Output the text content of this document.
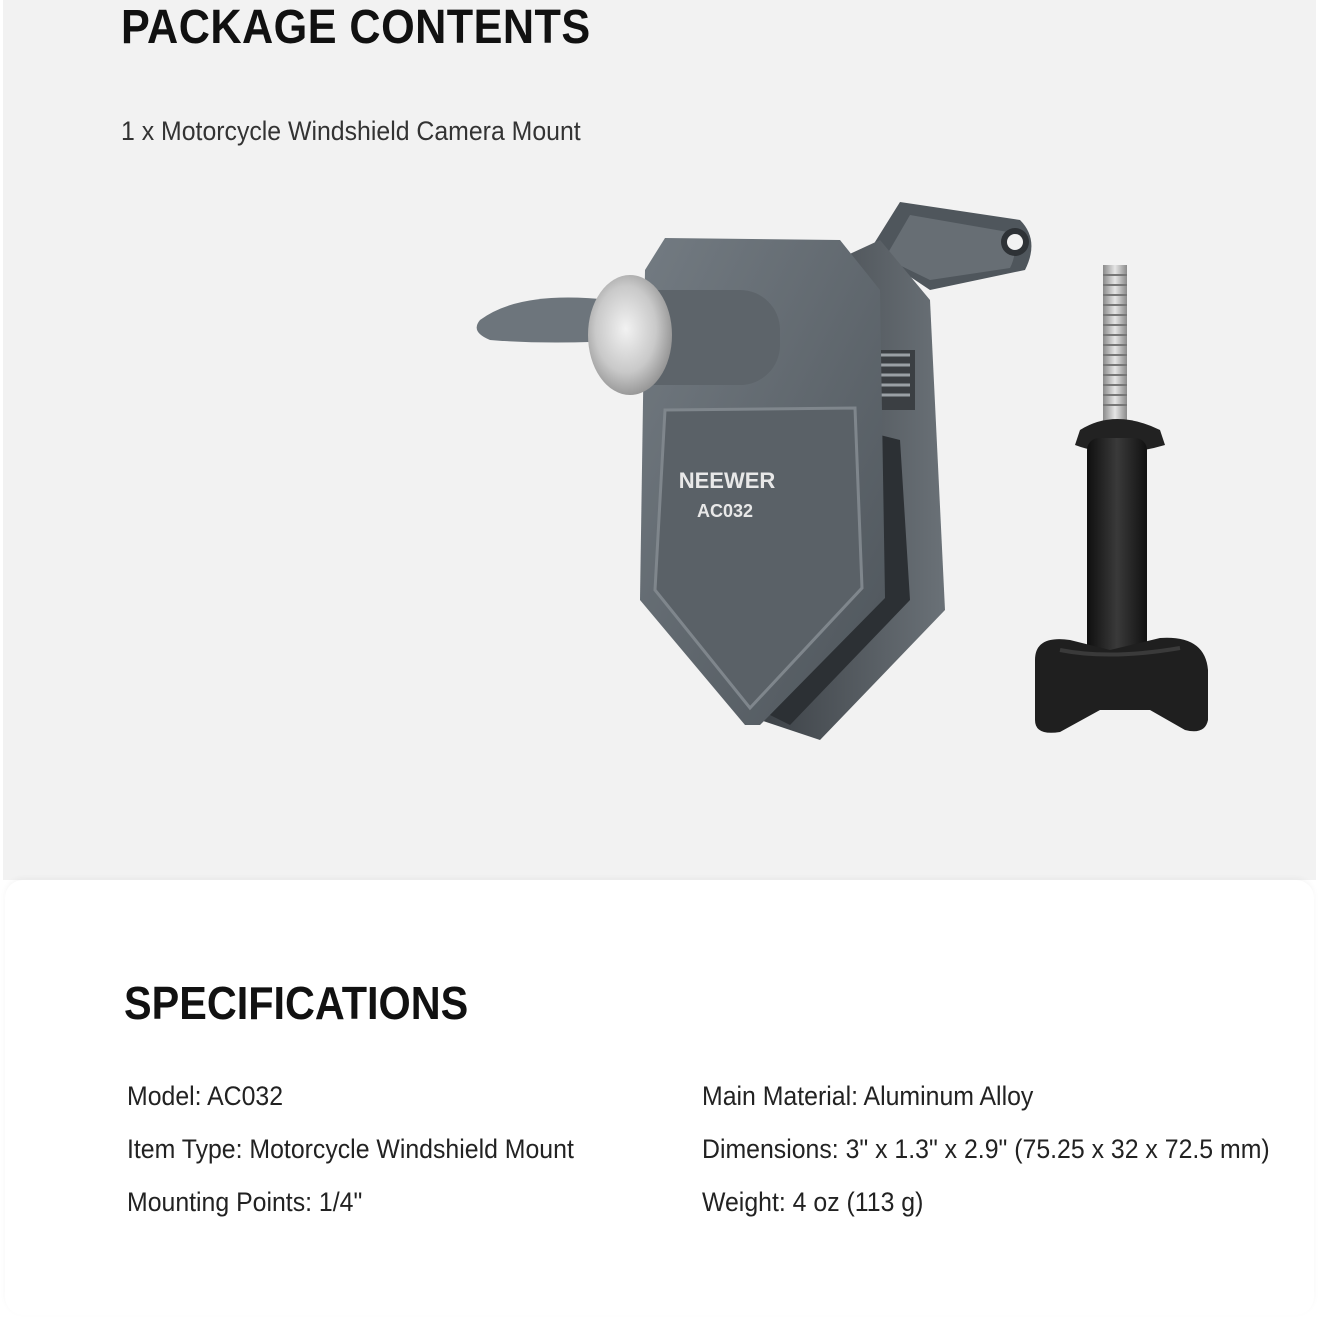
PACKAGE CONTENTS
1 x Motorcycle Windshield Camera Mount
NEEWER
AC032
SPECIFICATIONS
Model: AC032
Item Type: Motorcycle Windshield Mount
Mounting Points: 1/4"
Main Material: Aluminum Alloy
Dimensions: 3" x 1.3" x 2.9" (75.25 x 32 x 72.5 mm)
Weight: 4 oz (113 g)
